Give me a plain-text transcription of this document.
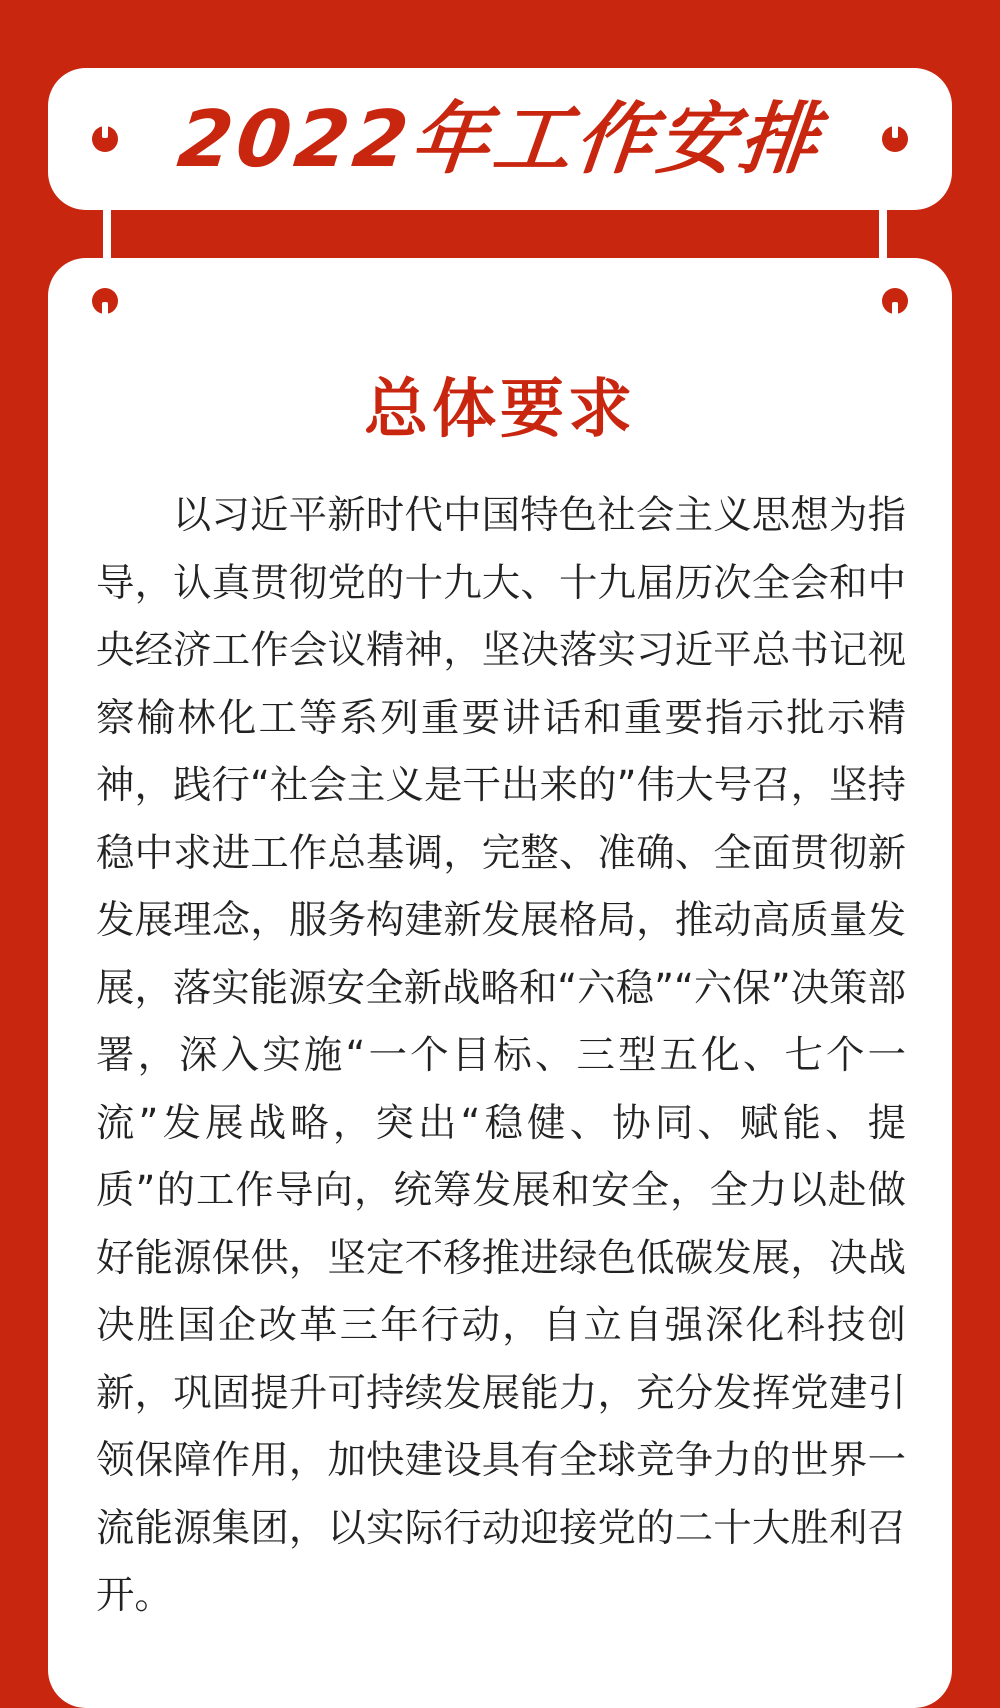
2022年工作安排
总体要求

以习近平新时代中国特色社会主义思想为指导，认真贯彻党的十九大、十九届历次全会和中央经济工作会议精神，坚决落实习近平总书记视察榆林化工等系列重要讲话和重要指示批示精神，践行“社会主义是干出来的”伟大号召，坚持稳中求进工作总基调，完整、准确、全面贯彻新发展理念，服务构建新发展格局，推动高质量发展，落实能源安全新战略和“六稳”“六保”决策部署，深入实施“一个目标、三型五化、七个一流”发展战略，突出“稳健、协同、赋能、提质”的工作导向，统筹发展和安全，全力以赴做好能源保供，坚定不移推进绿色低碳发展，决战决胜国企改革三年行动，自立自强深化科技创新，巩固提升可持续发展能力，充分发挥党建引领保障作用，加快建设具有全球竞争力的世界一流能源集团，以实际行动迎接党的二十大胜利召开。
